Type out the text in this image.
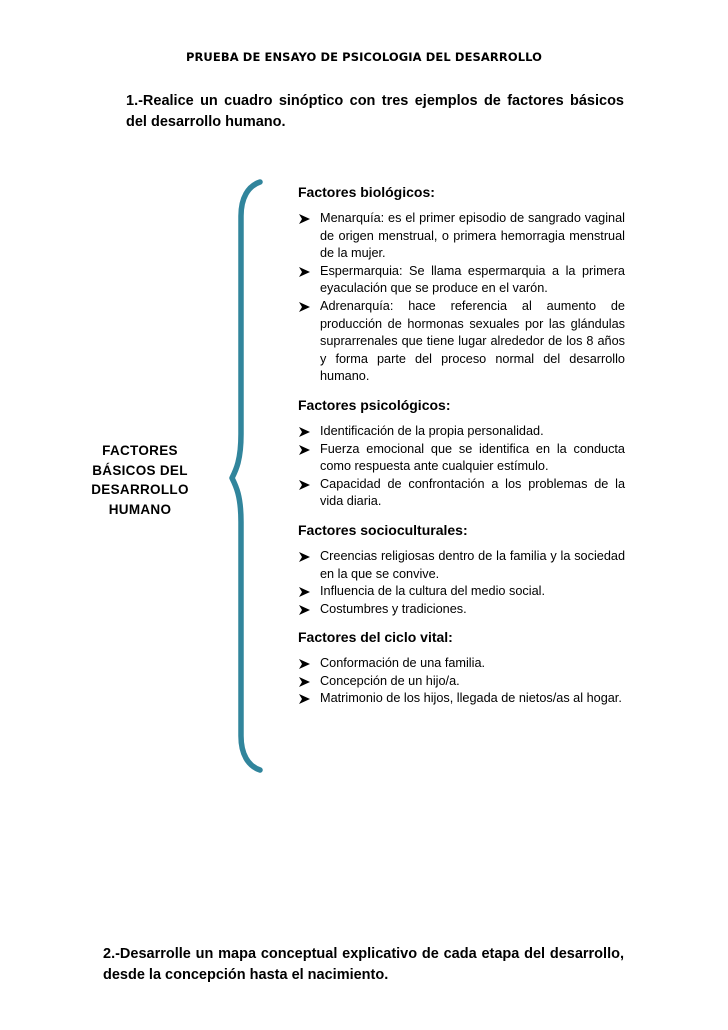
PRUEBA DE ENSAYO DE PSICOLOGIA DEL DESARROLLO
1.-Realice un cuadro sinóptico con tres ejemplos de factores básicos del desarrollo humano.
FACTORES
BÁSICOS DEL
DESARROLLO
HUMANO
Factores biológicos:
Menarquía: es el primer episodio de sangrado vaginal de origen menstrual, o primera hemorragia menstrual de la mujer.
Espermarquia: Se llama espermarquia a la primera eyaculación que se produce en el varón.
Adrenarquía: hace referencia al aumento de producción de hormonas sexuales por las glándulas suprarrenales que tiene lugar alrededor de los 8 años y forma parte del proceso normal del desarrollo humano.
Factores psicológicos:
Identificación de la propia personalidad.
Fuerza emocional que se identifica en la conducta como respuesta ante cualquier estímulo.
Capacidad de confrontación a los problemas de la vida diaria.
Factores socioculturales:
Creencias religiosas dentro de la familia y la sociedad en la que se convive.
Influencia de la cultura del medio social.
Costumbres y tradiciones.
Factores del ciclo vital:
Conformación de una familia.
Concepción de un hijo/a.
Matrimonio de los hijos, llegada de nietos/as al hogar.
2.-Desarrolle un mapa conceptual explicativo de cada etapa del desarrollo, desde la concepción hasta el nacimiento.
